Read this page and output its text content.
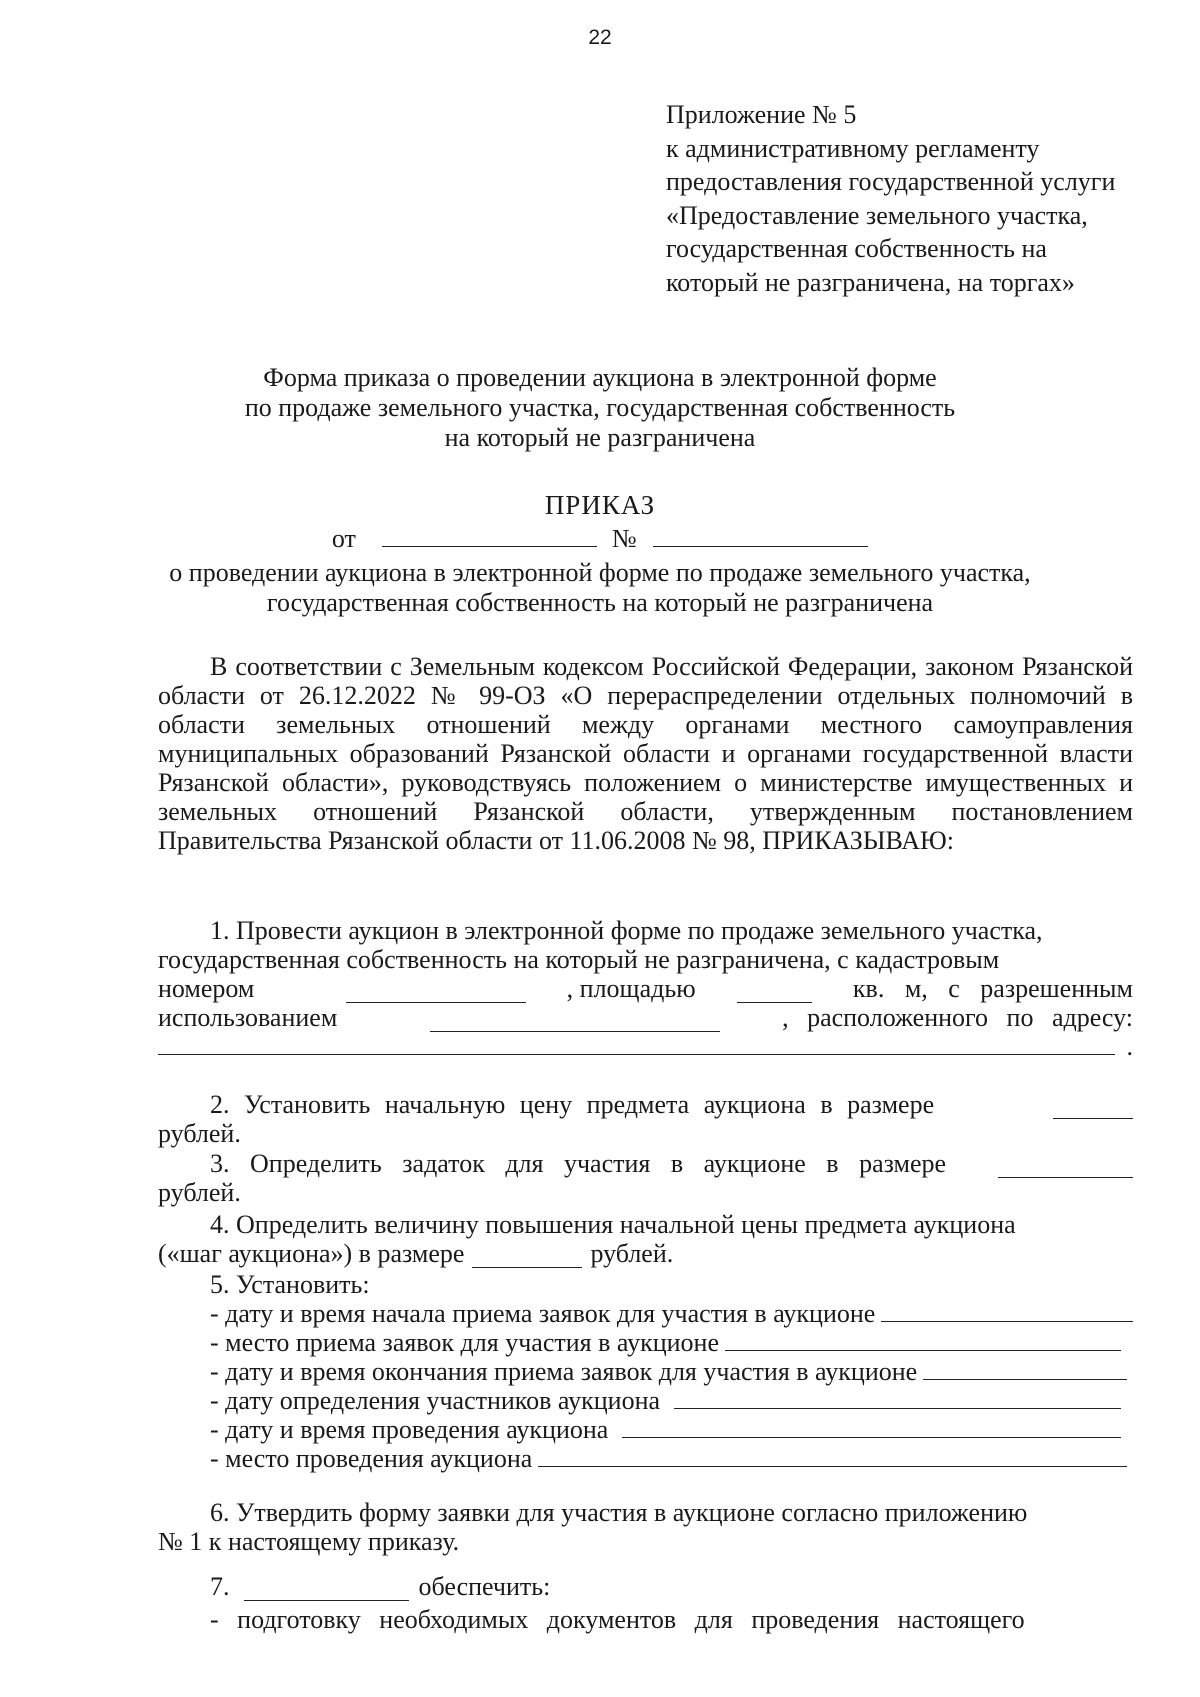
22
Приложение № 5
к административному регламенту
предоставления государственной услуги
«Предоставление земельного участка,
государственная собственность на
который не разграничена, на торгах»
Форма приказа о проведении аукциона в электронной форме
по продаже земельного участка, государственная собственность
на который не разграничена
ПРИКАЗ
от	№
о проведении аукциона в электронной форме по продаже земельного участка,
государственная собственность на который не разграничена

В соответствии с Земельным кодексом Российской Федерации, законом Рязанской области от 26.12.2022 № 99-ОЗ «О перераспределении отдельных полномочий в области земельных отношений между органами местного самоуправления муниципальных образований Рязанской области и органами государственной власти Рязанской области», руководствуясь положением о министерстве имущественных и земельных отношений Рязанской области, утвержденным постановлением Правительства Рязанской области от 11.06.2008 № 98, ПРИКАЗЫВАЮ:

1. Провести аукцион в электронной форме по продаже земельного участка,

государственная собственность на который не разграничена, с кадастровым

номером	, площадью	кв. м, с разрешенным
использованием	, расположенного по адресу:
.
2. Установить начальную цену предмета аукциона в размере

рублей.

3. Определить задаток для участия в аукционе в размере

рублей.

4. Определить величину повышения начальной цены предмета аукциона

(«шаг аукциона») в размере	рублей.

5. Установить:

- дату и время начала приема заявок для участия в аукционе
- место приема заявок для участия в аукционе
- дату и время окончания приема заявок для участия в аукционе
- дату определения участников аукциона
- дату и время проведения аукциона
- место проведения аукциона

6. Утвердить форму заявки для участия в аукционе согласно приложению

№ 1 к настоящему приказу.

7.	обеспечить:

- подготовку необходимых документов для проведения настоящего
